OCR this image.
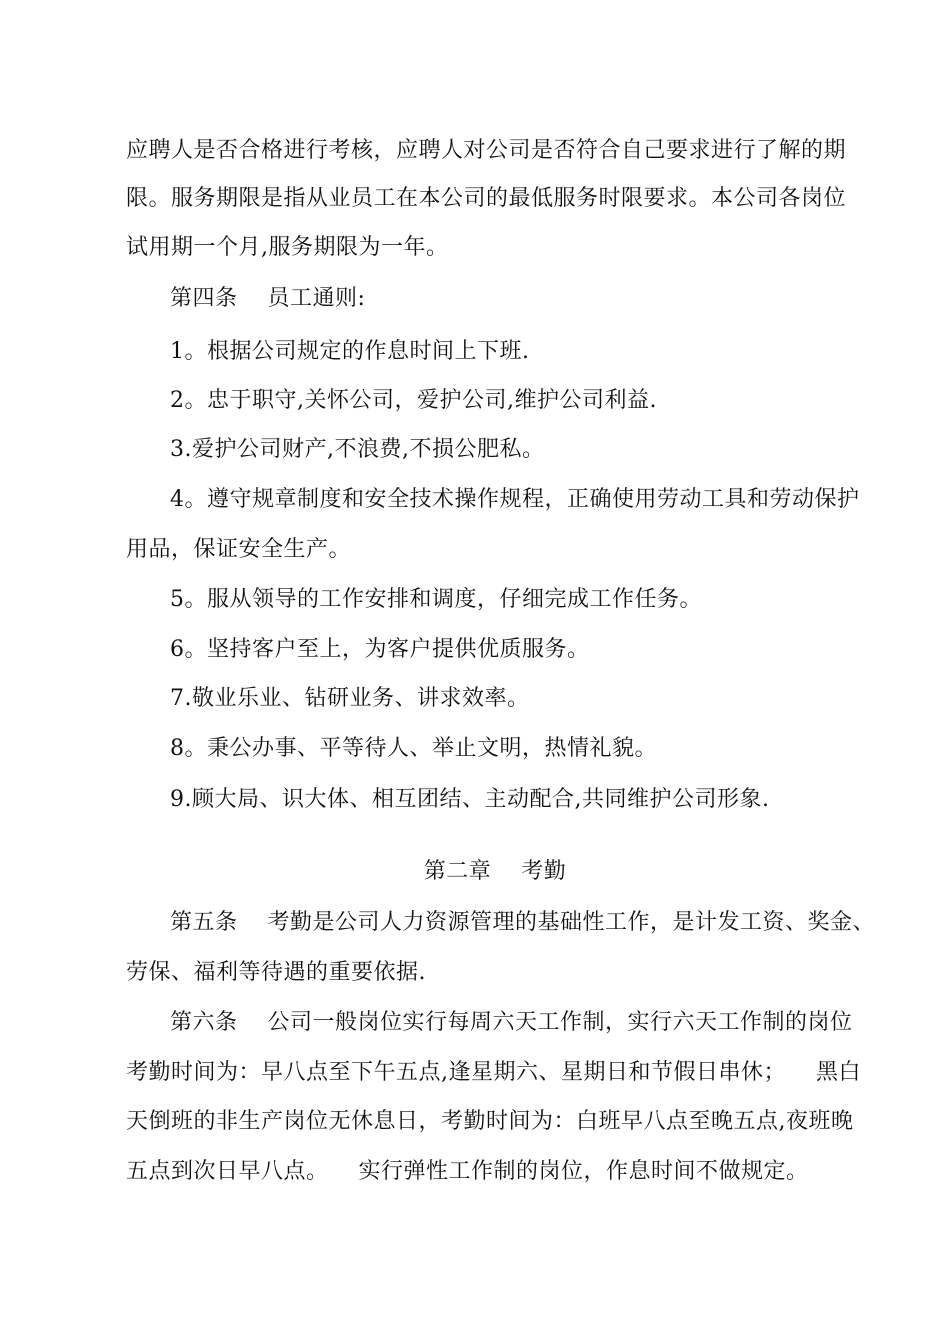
应聘人是否合格进行考核，应聘人对公司是否符合自己要求进行了解的期
限。服务期限是指从业员工在本公司的最低服务时限要求。本公司各岗位
试用期一个月,服务期限为一年。
第四条    员工通则:
1。根据公司规定的作息时间上下班.
2。忠于职守,关怀公司，爱护公司,维护公司利益.
3.爱护公司财产,不浪费,不损公肥私。
4。遵守规章制度和安全技术操作规程，正确使用劳动工具和劳动保护
用品，保证安全生产。
5。服从领导的工作安排和调度，仔细完成工作任务。
6。坚持客户至上，为客户提供优质服务。
7.敬业乐业、钻研业务、讲求效率。
8。秉公办事、平等待人、举止文明，热情礼貌。
9.顾大局、识大体、相互团结、主动配合,共同维护公司形象.
第二章    考勤
第五条    考勤是公司人力资源管理的基础性工作，是计发工资、奖金、
劳保、福利等待遇的重要依据.
第六条    公司一般岗位实行每周六天工作制，实行六天工作制的岗位
考勤时间为：早八点至下午五点,逢星期六、星期日和节假日串休；    黑白
天倒班的非生产岗位无休息日，考勤时间为：白班早八点至晚五点,夜班晚
五点到次日早八点。    实行弹性工作制的岗位，作息时间不做规定。
